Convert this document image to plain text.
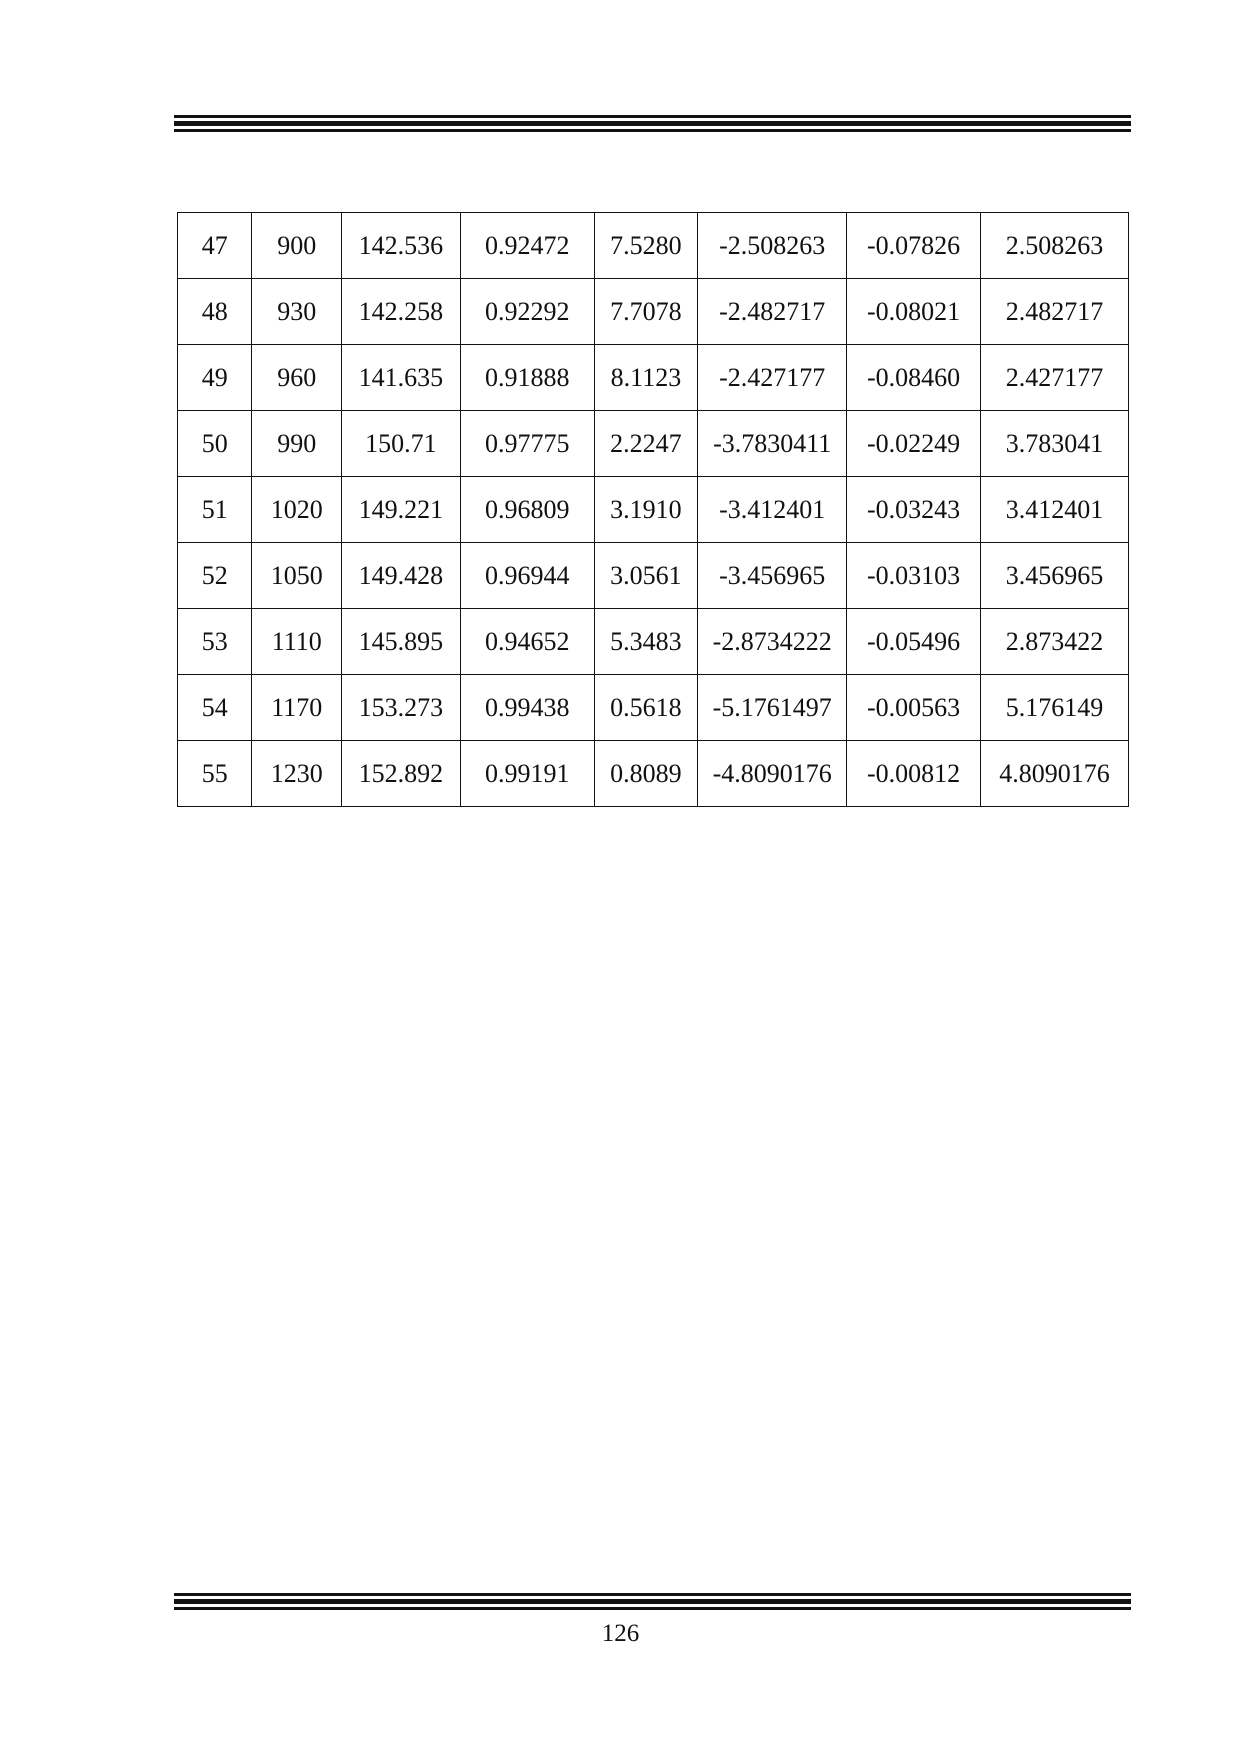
47	900	142.536	0.92472	7.5280	-2.508263	-0.07826	2.508263
48	930	142.258	0.92292	7.7078	-2.482717	-0.08021	2.482717
49	960	141.635	0.91888	8.1123	-2.427177	-0.08460	2.427177
50	990	150.71	0.97775	2.2247	-3.7830411	-0.02249	3.783041
51	1020	149.221	0.96809	3.1910	-3.412401	-0.03243	3.412401
52	1050	149.428	0.96944	3.0561	-3.456965	-0.03103	3.456965
53	1110	145.895	0.94652	5.3483	-2.8734222	-0.05496	2.873422
54	1170	153.273	0.99438	0.5618	-5.1761497	-0.00563	5.176149
55	1230	152.892	0.99191	0.8089	-4.8090176	-0.00812	4.8090176
126
